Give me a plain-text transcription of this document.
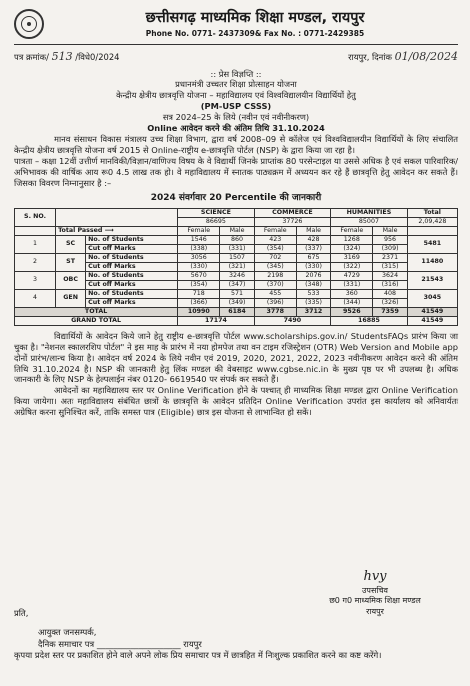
छत्तीसगढ़ माध्यमिक शिक्षा मण्डल, रायपुर
Phone No. 0771- 2437309& Fax No. : 0771-2429385
पत्र क्रमांक/ 513 /विधे0/2024	रायपुर, दिनांक 01/08/2024

:: प्रेस विज्ञप्ति ::

प्रधानमंत्री उच्चतर शिक्षा प्रोत्साहन योजना

केन्द्रीय क्षेत्रीय छात्रवृत्ति योजना – महाविद्यालय एवं विश्वविद्यालयीन विद्यार्थियों हेतु

(PM-USP CSSS)

सत्र 2024–25 के लिये (नवीन एवं नवीनीकरण)

Online आवेदन करने की अंतिम तिथि 31.10.2024

मानव संसाधन विकास मंत्रालय उच्च शिक्षा विभाग, द्वारा वर्ष 2008–09 से कॉलेज एवं विश्वविद्यालयीन विद्यार्थियों के लिए संचालित केन्द्रीय क्षेत्रीय छात्रवृत्ति योजना वर्ष 2015 से Online-राष्ट्रीय e-छात्रवृत्ति पोर्टल (NSP) के द्वारा किया जा रहा है।

पात्रता – कक्षा 12वीं उत्तीर्ण मानविकी/विज्ञान/वाणिज्य विषय के वे विद्यार्थी जिनके प्राप्तांक 80 परसेन्टाइल या उससे अधिक है एवं सकल पारिवारिक/अभिभावक की वार्षिक आय रू0 4.5 लाख तक हो। वे महाविद्यालय में स्नातक पाठ्यक्रम में अध्ययन कर रहे हैं छात्रवृत्ति हेतु आवेदन कर सकते हैं। जिसका विवरण निम्नानुसार है :–

2024 संवर्गवार 20 Percentile की जानकारी

S. NO.			SCIENCE		COMMERCE		HUMANITIES		Total
			86695		37726		85007		2,09,428
	Total Passed ⟶		Female	Male	Female	Male	Female	Male	
1	SC	No. of Students	1546	860	423	428	1268	956	5481
		Cut off Marks	(338)	(331)	(354)	(337)	(324)	(309)	
2	ST	No. of Students	3056	1507	702	675	3169	2371	11480
		Cut off Marks	(330)	(321)	(345)	(330)	(322)	(315)	
3	OBC	No. of Students	5670	3246	2198	2076	4729	3624	21543
		Cut off Marks	(354)	(347)	(370)	(348)	(331)	(316)	
4	GEN	No. of Students	718	571	455	533	360	408	3045
		Cut off Marks	(366)	(349)	(396)	(335)	(344)	(326)	
TOTAL			10990	6184	3778	3712	9526	7359	41549
GRAND TOTAL			17174		7490		16885		41549

विद्यार्थियों के आवेदन किये जाने हेतु राष्ट्रीय e-छात्रवृत्ति पोर्टल www.scholarships.gov.in/ StudentsFAQs प्रारंभ किया जा चुका है। "नेशनल स्कालरशिप पोर्टल" ने इस माह के प्रारंभ में नया होमपेज तथा वन टाइम रजिस्ट्रेशन (OTR) Web Version and Mobile app दोनों प्रारंभ/लान्च किया है। आवेदन वर्ष 2024 के लिये नवीन एवं 2019, 2020, 2021, 2022, 2023 नवीनीकरण आवेदन करने की अंतिम तिथि 31.10.2024 है। NSP की जानकारी हेतु लिंक मण्डल की वेबसाइट www.cgbse.nic.in के मुख्य पृष्ठ पर भी उपलब्ध है। अधिक जानकारी के लिए NSP के हेल्पलाईन नंबर 0120- 6619540 पर संपर्क कर सकते हैं।

आवेदनों का महाविद्यालय स्तर पर Online Verification होने के पश्चात् ही माध्यमिक शिक्षा मण्डल द्वारा Online Verification किया जायेगा। अतः महाविद्यालय संबंधित छात्रों के छात्रवृत्ति के आवेदन प्रतिदिन Online Verification उपरांत इस कार्यालय को अनिवार्यतः अग्रेषित करना सुनिश्चित करें, ताकि समस्त पात्र (Eligible) छात्र इस योजना से लाभान्वित हो सकें।

hvy
उपसचिव
छ0 ग0 माध्यमिक शिक्षा मण्डल
रायपुर

प्रति,

आयुक्त जनसम्पर्क,

दैनिक समाचार पत्र ____________________ रायपुर

कृपया प्रदेश स्तर पर प्रकाशित होने वाले अपने लोक प्रिय समाचार पत्र में छात्रहित में निःशुल्क प्रकाशित करने का कष्ट करेंगे।
